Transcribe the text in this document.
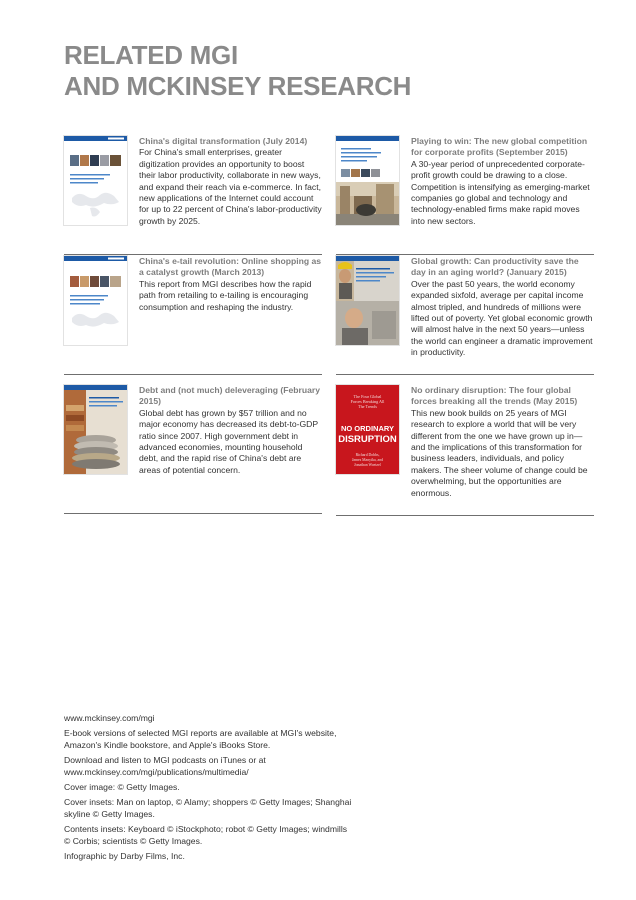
RELATED MGI
AND MCKINSEY RESEARCH
China's digital transformation (July 2014)
For China's small enterprises, greater digitization provides an opportunity to boost their labor productivity, collaborate in new ways, and expand their reach via e-commerce. In fact, new applications of the Internet could account for up to 22 percent of China's labor-productivity growth by 2025.
Playing to win: The new global competition for corporate profits (September 2015)
A 30-year period of unprecedented corporate-profit growth could be drawing to a close. Competition is intensifying as emerging-market companies go global and technology and technology-enabled firms make rapid moves into new sectors.
China's e-tail revolution: Online shopping as a catalyst growth (March 2013)
This report from MGI describes how the rapid path from retailing to e-tailing is encouraging consumption and reshaping the industry.
Global growth: Can productivity save the day in an aging world? (January 2015)
Over the past 50 years, the world economy expanded sixfold, average per capital income almost tripled, and hundreds of millions were lifted out of poverty. Yet global economic growth will almost halve in the next 50 years—unless the world can engineer a dramatic improvement in productivity.
Debt and (not much) deleveraging (February 2015)
Global debt has grown by $57 trillion and no major economy has decreased its debt-to-GDP ratio since 2007. High government debt in advanced economies, mounting household debt, and the rapid rise of China's debt are areas of potential concern.
The Four Global
Forces Breaking All
The Trends
NO ORDINARY
DISRUPTION
Richard Dobbs,
James Manyika, and
Jonathan Woetzel
No ordinary disruption: The four global forces breaking all the trends (May 2015)
This new book builds on 25 years of MGI research to explore a world that will be very different from the one we have grown up in—and the implications of this transformation for business leaders, individuals, and policy makers. The sheer volume of change could be overwhelming, but the opportunities are enormous.

www.mckinsey.com/mgi

E-book versions of selected MGI reports are available at MGI's website, Amazon's Kindle bookstore, and Apple's iBooks Store.

Download and listen to MGI podcasts on iTunes or at www.mckinsey.com/mgi/publications/multimedia/

Cover image: © Getty Images.

Cover insets: Man on laptop, © Alamy; shoppers © Getty Images; Shanghai skyline © Getty Images.

Contents insets: Keyboard © iStockphoto; robot © Getty Images; windmills © Corbis; scientists © Getty Images.

Infographic by Darby Films, Inc.
